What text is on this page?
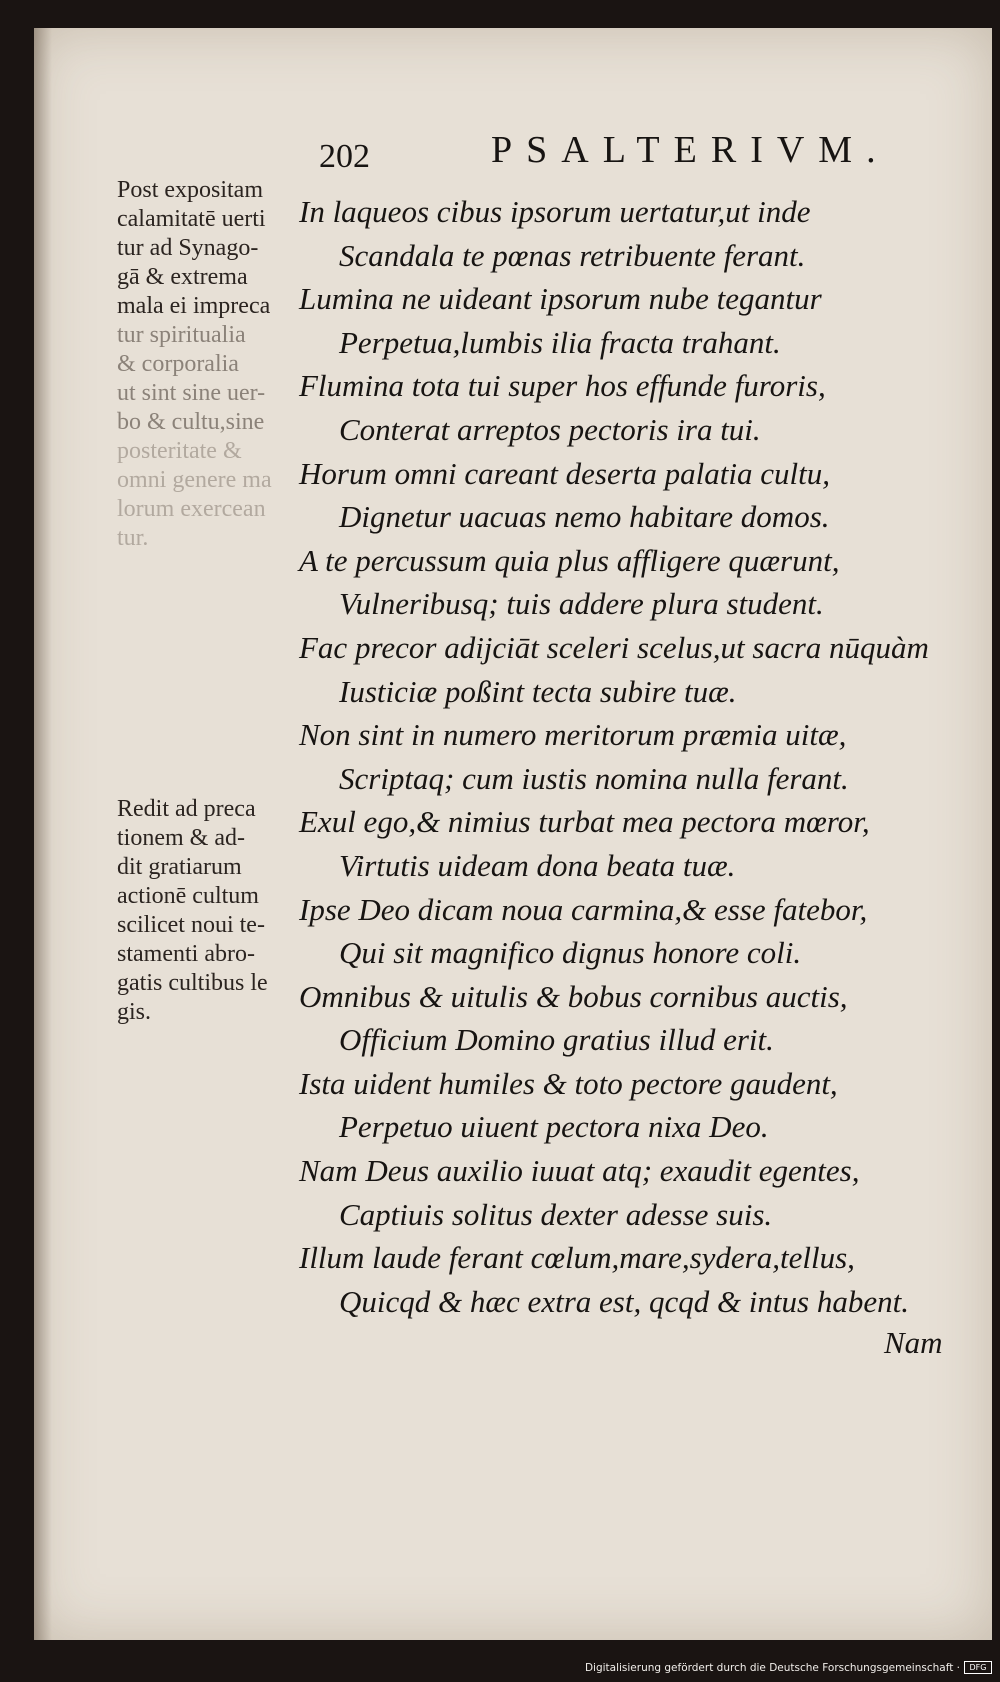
202	PSALTERIVM.
Post expositam
calamitatē uerti
tur ad Synago-
gā & extrema
mala ei impreca
tur spiritualia
& corporalia
ut sint sine uer-
bo & cultu,sine
posteritate &
omni genere ma
lorum exercean
tur.
Redit ad preca
tionem & ad-
dit gratiarum
actionē cultum
scilicet noui te-
stamenti abro-
gatis cultibus le
gis.
In laqueos cibus ipsorum uertatur,ut inde
Scandala te pœnas retribuente ferant.
Lumina ne uideant ipsorum nube tegantur
Perpetua,lumbis ilia fracta trahant.
Flumina tota tui super hos effunde furoris,
Conterat arreptos pectoris ira tui.
Horum omni careant deserta palatia cultu,
Dignetur uacuas nemo habitare domos.
A te percussum quia plus affligere quærunt,
Vulneribusq; tuis addere plura student.
Fac precor adijciāt sceleri scelus,ut sacra nūquàm
Iusticiæ poßint tecta subire tuæ.
Non sint in numero meritorum præmia uitæ,
Scriptaq; cum iustis nomina nulla ferant.
Exul ego,& nimius turbat mea pectora mœror,
Virtutis uideam dona beata tuæ.
Ipse Deo dicam noua carmina,& esse fatebor,
Qui sit magnifico dignus honore coli.
Omnibus & uitulis & bobus cornibus auctis,
Officium Domino gratius illud erit.
Ista uident humiles & toto pectore gaudent,
Perpetuo uiuent pectora nixa Deo.
Nam Deus auxilio iuuat atq; exaudit egentes,
Captiuis solitus dexter adesse suis.
Illum laude ferant cœlum,mare,sydera,tellus,
Quicqd & hæc extra est, qcqd & intus habent.
Nam
Digitalisierung gefördert durch die Deutsche Forschungsgemeinschaft ·	DFG
